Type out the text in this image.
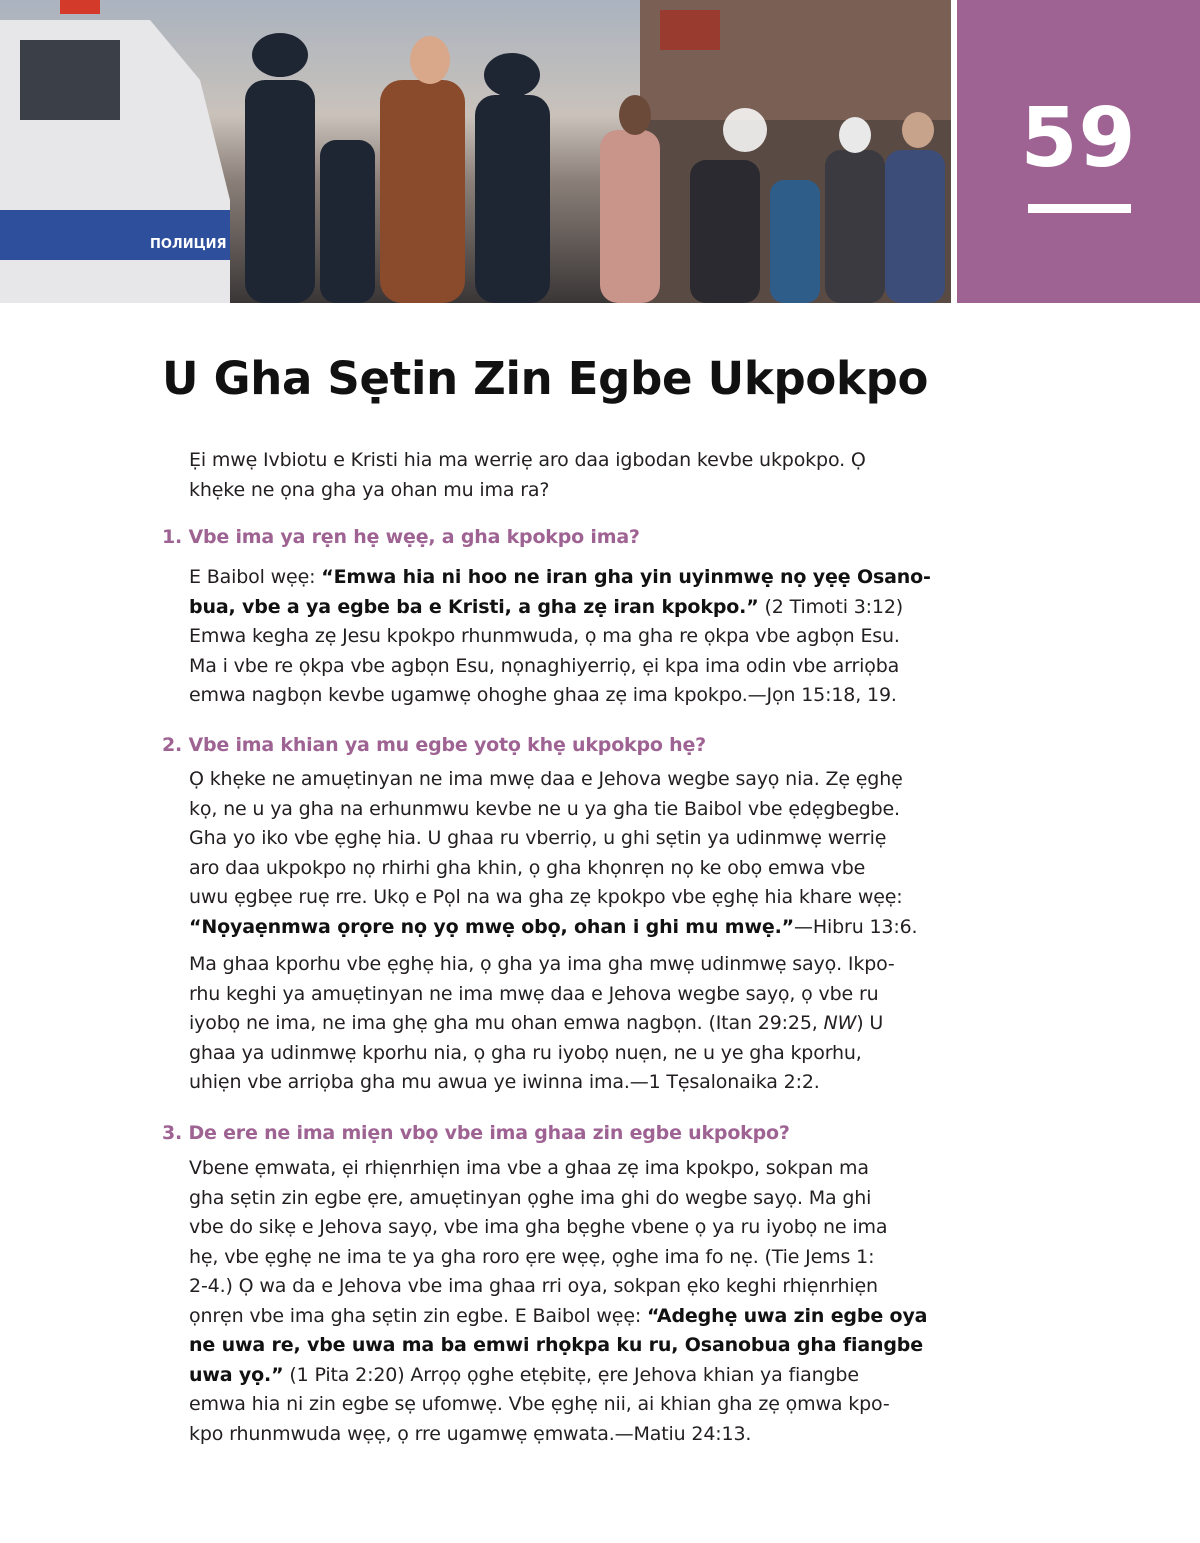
ПОЛИЦИЯ
59
U Gha Sẹtin Zin Egbe Ukpokpo

Ẹi mwẹ Ivbiotu e Kristi hia ma werriẹ aro daa igbodan kevbe ukpokpo. Ọ
khẹke ne ọna gha ya ohan mu ima ra?

1. Vbe ima ya rẹn hẹ wẹẹ, a gha kpokpo ima?

E Baibol wẹẹ: “Emwa hia ni hoo ne iran gha yin uyinmwẹ nọ yẹẹ Osano-
bua, vbe a ya egbe ba e Kristi, a gha zẹ iran kpokpo.” (2 Timoti 3:12)
Emwa kegha zẹ Jesu kpokpo rhunmwuda, ọ ma gha re ọkpa vbe agbọn Esu.
Ma i vbe re ọkpa vbe agbọn Esu, nọnaghiyerriọ, ẹi kpa ima odin vbe arriọba
emwa nagbọn kevbe ugamwẹ ohoghe ghaa zẹ ima kpokpo.—Jọn 15:18, 19.

2. Vbe ima khian ya mu egbe yotọ khẹ ukpokpo hẹ?

Ọ khẹke ne amuẹtinyan ne ima mwẹ daa e Jehova wegbe sayọ nia. Zẹ ẹghẹ
kọ, ne u ya gha na erhunmwu kevbe ne u ya gha tie Baibol vbe ẹdẹgbegbe.
Gha yo iko vbe ẹghẹ hia. U ghaa ru vberriọ, u ghi sẹtin ya udinmwẹ werriẹ
aro daa ukpokpo nọ rhirhi gha khin, ọ gha khọnrẹn nọ ke obọ emwa vbe
uwu ẹgbẹe ruẹ rre. Ukọ e Pọl na wa gha zẹ kpokpo vbe ẹghẹ hia khare wẹẹ:
“Nọyaẹnmwa ọrọre nọ yọ mwẹ obọ, ohan i ghi mu mwẹ.”—Hibru 13:6.

Ma ghaa kporhu vbe ẹghẹ hia, ọ gha ya ima gha mwẹ udinmwẹ sayọ. Ikpo-
rhu keghi ya amuẹtinyan ne ima mwẹ daa e Jehova wegbe sayọ, ọ vbe ru
iyobọ ne ima, ne ima ghẹ gha mu ohan emwa nagbọn. (Itan 29:25, NW) U
ghaa ya udinmwẹ kporhu nia, ọ gha ru iyobọ nuẹn, ne u ye gha kporhu,
uhiẹn vbe arriọba gha mu awua ye iwinna ima.—1 Tẹsalonaika 2:2.

3. De ere ne ima miẹn vbọ vbe ima ghaa zin egbe ukpokpo?

Vbene ẹmwata, ẹi rhiẹnrhiẹn ima vbe a ghaa zẹ ima kpokpo, sokpan ma
gha sẹtin zin egbe ẹre, amuẹtinyan ọghe ima ghi do wegbe sayọ. Ma ghi
vbe do sikẹ e Jehova sayọ, vbe ima gha bẹghe vbene ọ ya ru iyobọ ne ima
hẹ, vbe ẹghẹ ne ima te ya gha roro ẹre wẹẹ, ọghe ima fo nẹ. (Tie Jems 1:
2-4.) Ọ wa da e Jehova vbe ima ghaa rri oya, sokpan ẹko keghi rhiẹnrhiẹn
ọnrẹn vbe ima gha sẹtin zin egbe. E Baibol wẹẹ: “Adeghẹ uwa zin egbe oya
ne uwa re, vbe uwa ma ba emwi rhọkpa ku ru, Osanobua gha fiangbe
uwa yọ.” (1 Pita 2:20) Arrọọ ọghe etẹbitẹ, ẹre Jehova khian ya fiangbe
emwa hia ni zin egbe sẹ ufomwẹ. Vbe ẹghẹ nii, ai khian gha zẹ ọmwa kpo-
kpo rhunmwuda wẹẹ, ọ rre ugamwẹ ẹmwata.—Matiu 24:13.
